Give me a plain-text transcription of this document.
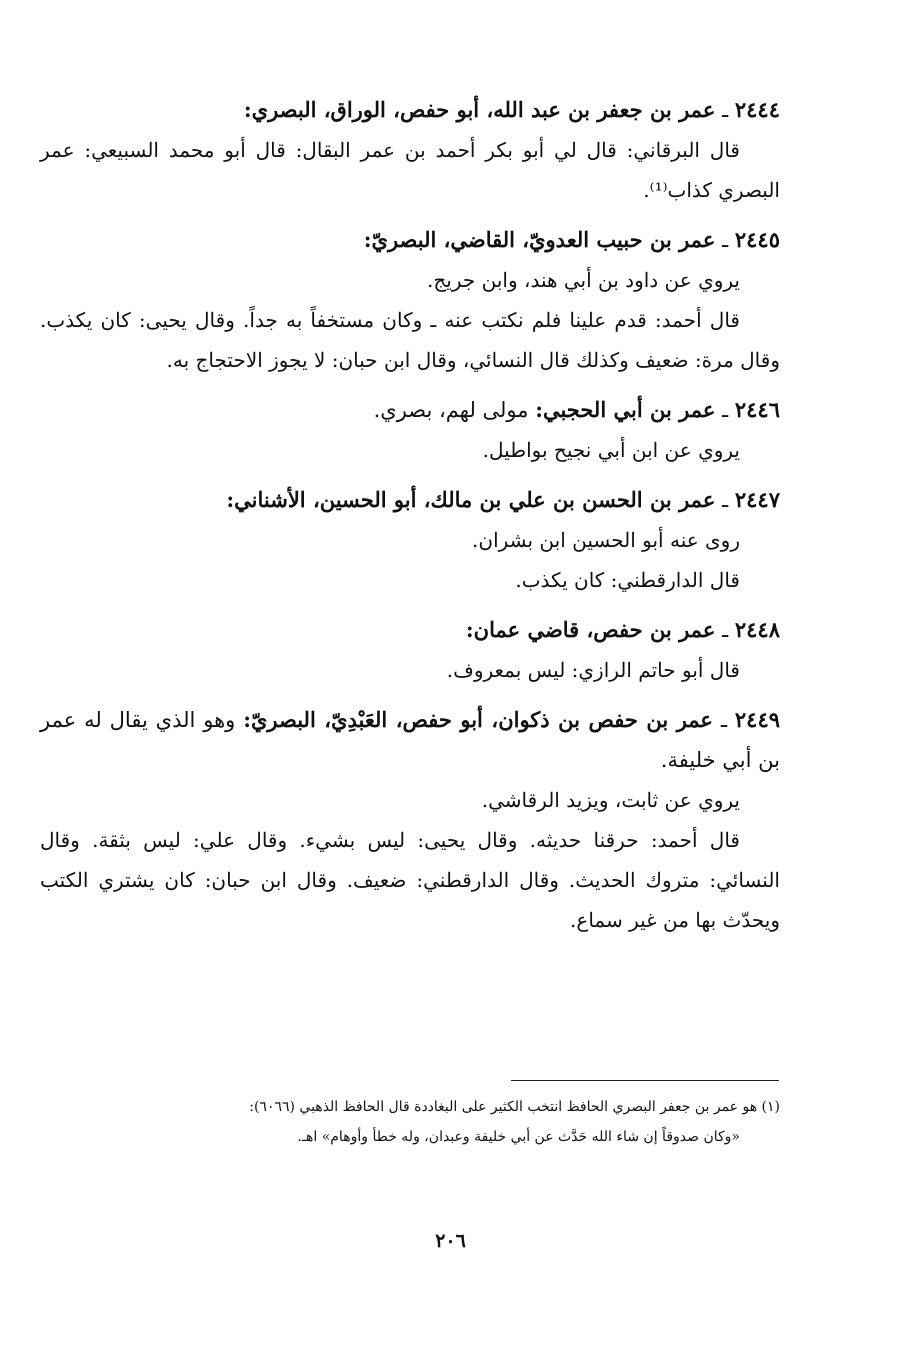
٢٤٤٤ ـ عمر بن جعفر بن عبد الله، أبو حفص، الوراق، البصري:

قال البرقاني: قال لي أبو بكر أحمد بن عمر البقال: قال أبو محمد السبيعي: عمر البصري كذاب⁽¹⁾.

٢٤٤٥ ـ عمر بن حبيب العدويّ، القاضي، البصريّ:

يروي عن داود بن أبي هند، وابن جريج.

قال أحمد: قدم علينا فلم نكتب عنه ـ وكان مستخفاً به جداً. وقال يحيى: كان يكذب. وقال مرة: ضعيف وكذلك قال النسائي، وقال ابن حبان: لا يجوز الاحتجاج به.

٢٤٤٦ ـ عمر بن أبي الحجبي: مولى لهم، بصري.

يروي عن ابن أبي نجيح بواطيل.

٢٤٤٧ ـ عمر بن الحسن بن علي بن مالك، أبو الحسين، الأشناني:

روى عنه أبو الحسين ابن بشران.

قال الدارقطني: كان يكذب.

٢٤٤٨ ـ عمر بن حفص، قاضي عمان:

قال أبو حاتم الرازي: ليس بمعروف.

٢٤٤٩ ـ عمر بن حفص بن ذكوان، أبو حفص، العَبْدِيّ، البصريّ: وهو الذي يقال له عمر بن أبي خليفة.

يروي عن ثابت، ويزيد الرقاشي.

قال أحمد: حرقنا حديثه. وقال يحيى: ليس بشيء. وقال علي: ليس بثقة. وقال النسائي: متروك الحديث. وقال الدارقطني: ضعيف. وقال ابن حبان: كان يشتري الكتب ويحدّث بها من غير سماع.

(١) هو عمر بن جعفر البصري الحافظ انتخب الكثير على البغاددة قال الحافظ الذهبي (٦٠٦٦):

«وكان صدوقاً إن شاء الله حَدَّث عن أبي خليفة وعبدان، وله خطأ وأوهام» اهـ.

٢٠٦
